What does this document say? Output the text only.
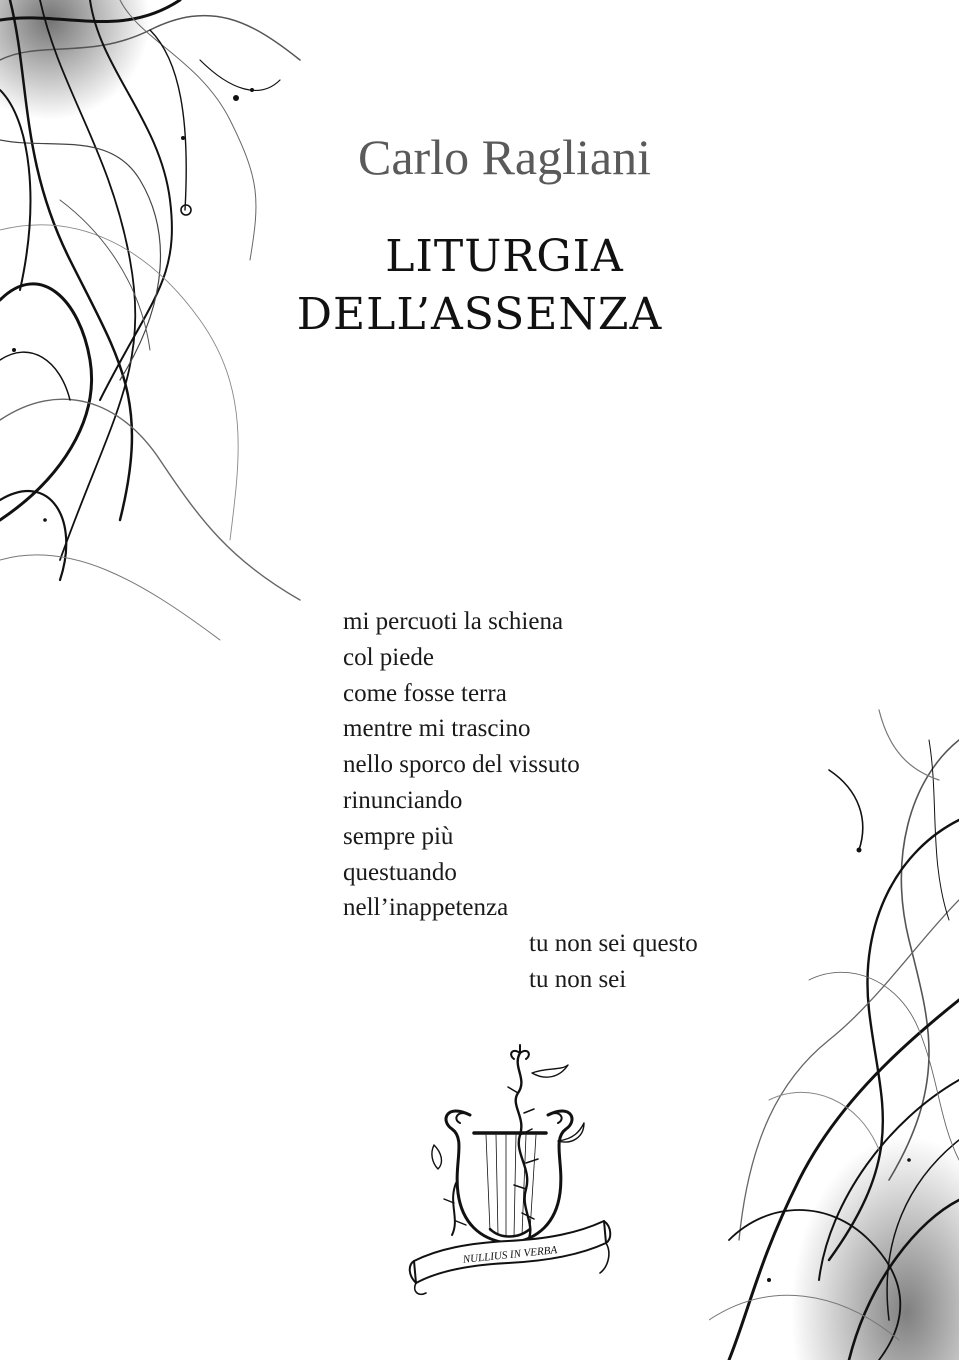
Carlo Ragliani
LITURGIA
DELL’ASSENZA
mi percuoti la schiena
col piede
come fosse terra
mentre mi trascino
nello sporco del vissuto
rinunciando
sempre più
questuando
nell’inappetenza
tu non sei questo
tu non sei
NULLIUS IN VERBA
